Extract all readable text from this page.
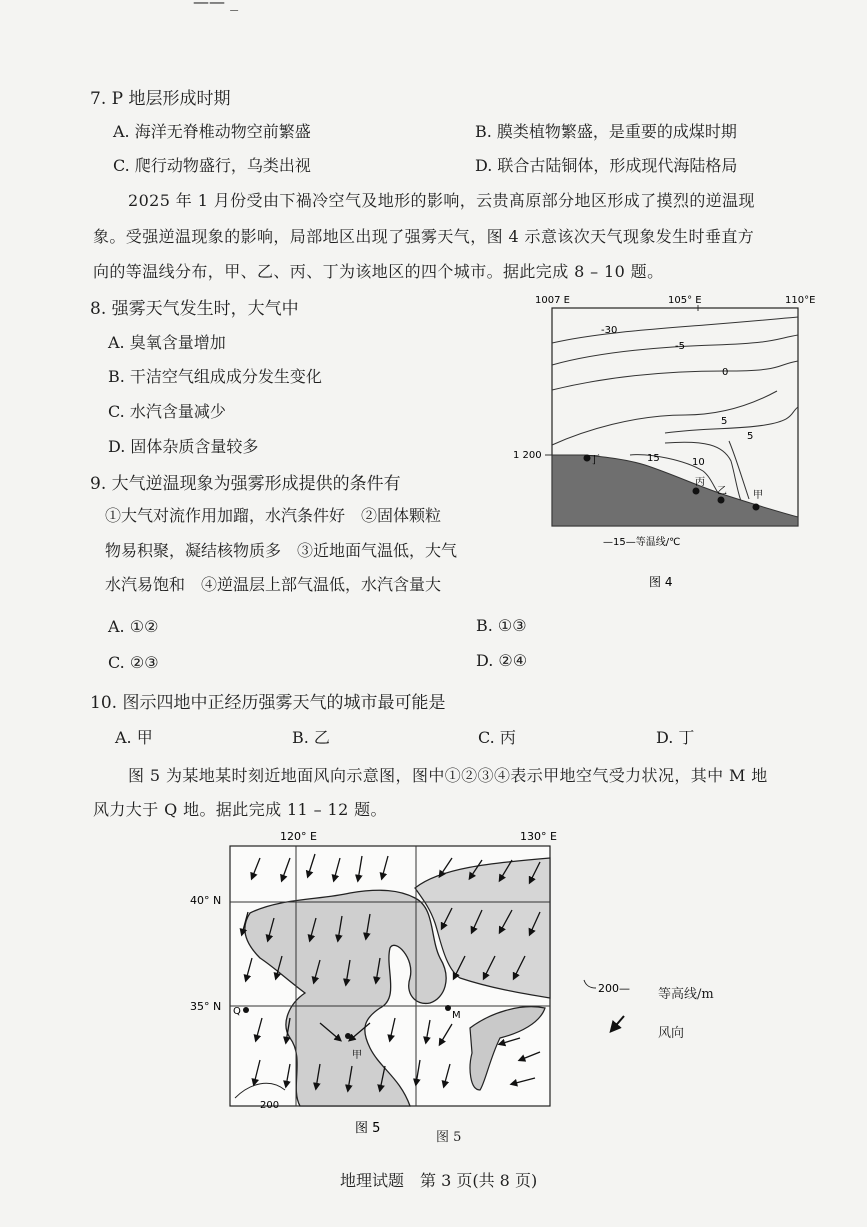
—— _
7. P 地层形成时期
A. 海洋无脊椎动物空前繁盛	B. 膜类植物繁盛，是重要的成煤时期
C. 爬行动物盛行，乌类出视	D. 联合古陆铜体，形成现代海陆格局
2025 年 1 月份受由下禍冷空气及地形的影响，云贵髙原部分地区形成了摸烈的逆温现
象。受强逆温现象的影响，局部地区出现了强雾天气，图 4 示意该次天气现象发生时垂直方
向的等温线分布，甲、乙、丙、丁为该地区的四个城市。据此完成 8 – 10 题。
8. 强雾天气发生时，大气中
A. 臭氧含量增加
B. 干洁空气组成成分发生变化
C. 水汽含量减少
D. 固体杂质含量较多
9. 大气逆温现象为强雾形成提供的条件有
①大气对流作用加蹓，水汽条件好　②固体颗粒
物易积聚，凝结核物质多　③近地面气温低，大气
水汽易饱和　④逆温层上部气温低，水汽含量大
A. ①②	B. ①③
C. ②③	D. ②④
10. 图示四地中正经历强雾天气的城市最可能是
A. 甲	B. 乙	C. 丙	D. 丁
图 5 为某地某时刻近地面风向示意图，图中①②③④表示甲地空气受力状况，其中 M 地
风力大于 Q 地。据此完成 11 – 12 题。
1007 E	105° E	110°E
-30
-5
0
5
5
15	10
1 200	丁
丙
乙	甲
—15—等温线/℃
图 4
120° E	130° E
40° N
35° N
200
Q	M
甲
图 5
图 5
200— 等高线/m
风向
地理试题　第 3 页(共 8 页)
